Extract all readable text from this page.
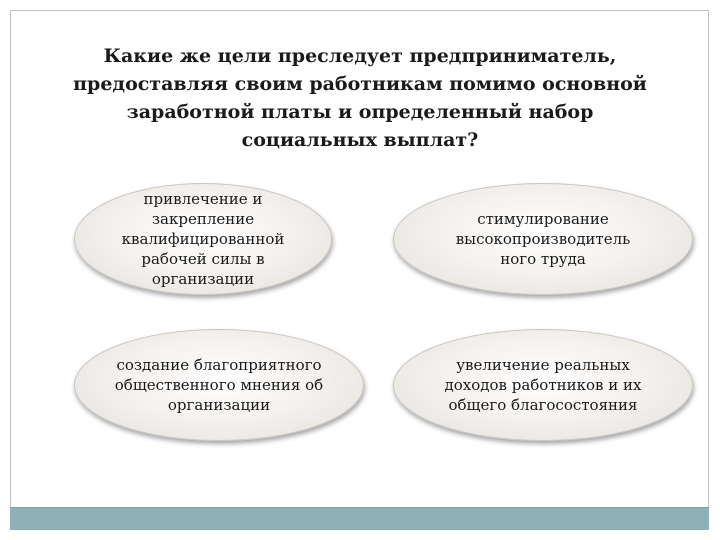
Какие же цели преследует предприниматель, предоставляя своим работникам помимо основной заработной платы и определенный набор социальных выплат?
привлечение и закрепление квалифицированной рабочей силы в организации
стимулирование высокопроизводитель ного труда
создание благоприятного общественного мнения об организации
увеличение реальных доходов работников и их общего благосостояния
